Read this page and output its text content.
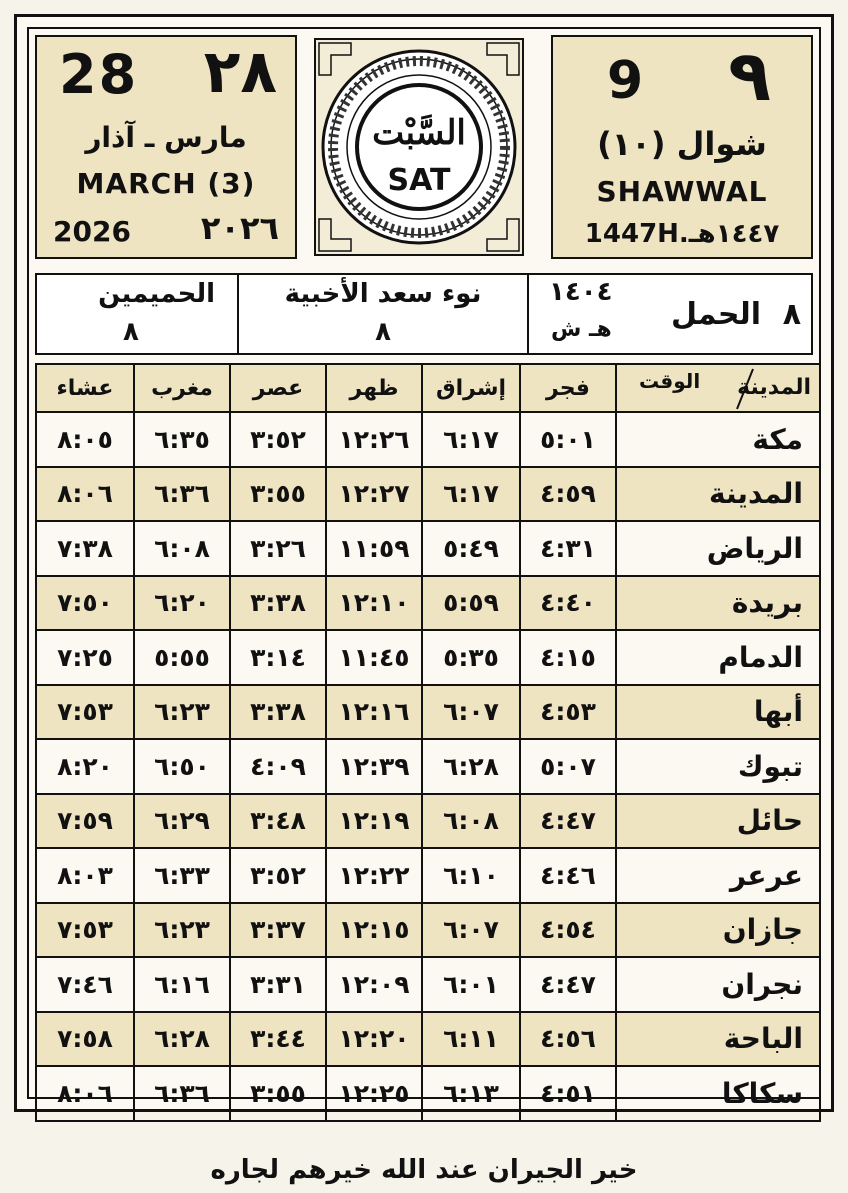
28 ٢٨
مارس ـ آذار
MARCH (3)
2026 ٢٠٢٦
السَّبْت
SAT
9 ٩
شوال (١٠)
SHAWWAL
1447H.١٤٤٧هـ
الحميمين
٨
نوء سعد الأخبية
٨
١٤٠٤
هـ ش الحمل ٨
المدينة
الوقت	فجر	إشراق	ظهر	عصر	مغرب	عشاء
مكة	٥:٠١	٦:١٧	١٢:٢٦	٣:٥٢	٦:٣٥	٨:٠٥
المدينة	٤:٥٩	٦:١٧	١٢:٢٧	٣:٥٥	٦:٣٦	٨:٠٦
الرياض	٤:٣١	٥:٤٩	١١:٥٩	٣:٢٦	٦:٠٨	٧:٣٨
بريدة	٤:٤٠	٥:٥٩	١٢:١٠	٣:٣٨	٦:٢٠	٧:٥٠
الدمام	٤:١٥	٥:٣٥	١١:٤٥	٣:١٤	٥:٥٥	٧:٢٥
أبها	٤:٥٣	٦:٠٧	١٢:١٦	٣:٣٨	٦:٢٣	٧:٥٣
تبوك	٥:٠٧	٦:٢٨	١٢:٣٩	٤:٠٩	٦:٥٠	٨:٢٠
حائل	٤:٤٧	٦:٠٨	١٢:١٩	٣:٤٨	٦:٢٩	٧:٥٩
عرعر	٤:٤٦	٦:١٠	١٢:٢٢	٣:٥٢	٦:٣٣	٨:٠٣
جازان	٤:٥٤	٦:٠٧	١٢:١٥	٣:٣٧	٦:٢٣	٧:٥٣
نجران	٤:٤٧	٦:٠١	١٢:٠٩	٣:٣١	٦:١٦	٧:٤٦
الباحة	٤:٥٦	٦:١١	١٢:٢٠	٣:٤٤	٦:٢٨	٧:٥٨
سكاكا	٤:٥١	٦:١٣	١٢:٢٥	٣:٥٥	٦:٣٦	٨:٠٦
خير الجيران عند الله خيرهم لجاره
